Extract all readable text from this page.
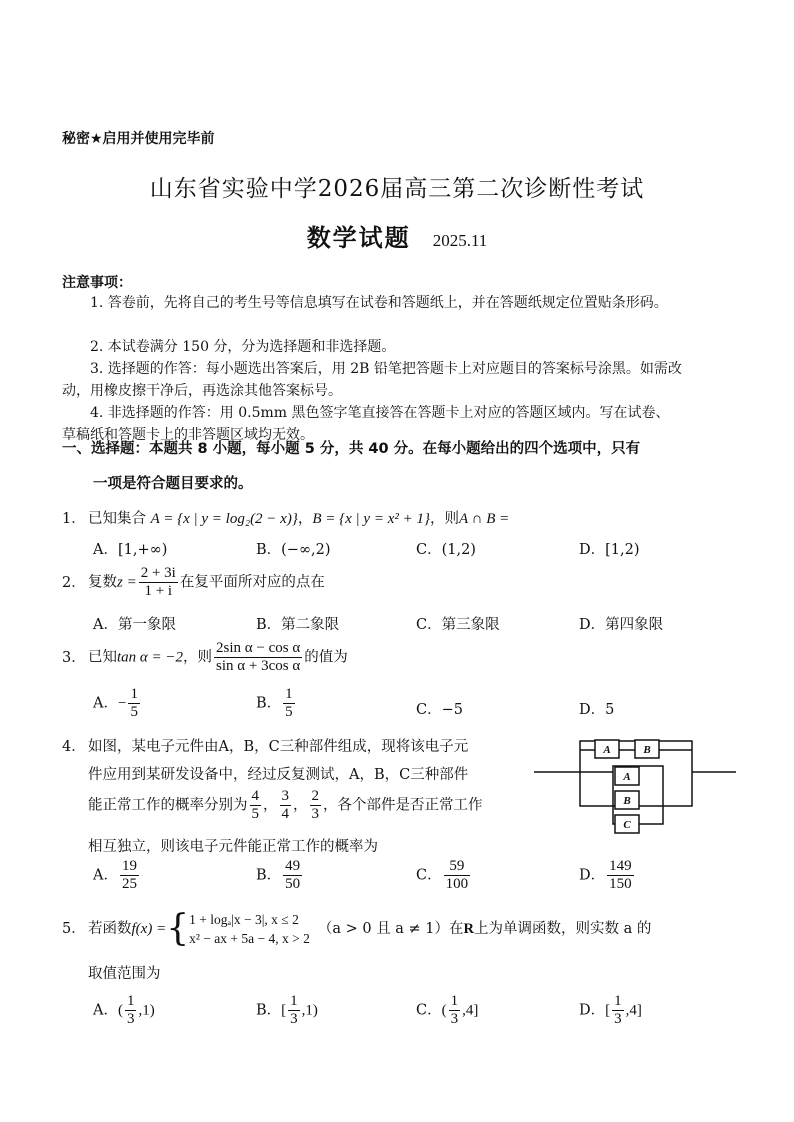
秘密★启用并使用完毕前
山东省实验中学2026届高三第二次诊断性考试
数学试题 2025.11
注意事项：
1. 答卷前，先将自己的考生号等信息填写在试卷和答题纸上，并在答题纸规定位置贴条形码。
2. 本试卷满分 150 分，分为选择题和非选择题。
3. 选择题的作答：每小题选出答案后，用 2B 铅笔把答题卡上对应题目的答案标号涂黑。如需改动，用橡皮擦干净后，再选涂其他答案标号。
4. 非选择题的作答：用 0.5mm 黑色签字笔直接答在答题卡上对应的答题区域内。写在试卷、草稿纸和答题卡上的非答题区域均无效。
一、选择题：本题共 8 小题，每小题 5 分，共 40 分。在每小题给出的四个选项中，只有
一项是符合题目要求的。
1． 已知集合 A = {x | y = log₂(2 − x)}，B = {x | y = x² + 1}，则A ∩ B =
A．[1,+∞)	B．(−∞,2)	C．(1,2)	D．[1,2)
2． 复数$z = \frac{2 + 3i}{1 + i}$ 在复平面所对应的点在
A．第一象限	B．第二象限	C．第三象限	D．第四象限
3． 已知tan α = −2，则 $\frac{\text{2sin α − cos α}}{\text{sin α + 3cos α}}$ 的值为
A．− $\frac{1}{5}$	B． $\frac{1}{5}$	C．−5	D．5
4． 如图，某电子元件由A，B，C三种部件组成，现将该电子元
件应用到某研发设备中，经过反复测试，A，B，C三种部件
能正常工作的概率分别为 $\frac{4}{5}$ ， $\frac{3}{4}$ ， $\frac{2}{3}$ ，各个部件是否正常工作
相互独立，则该电子元件能正常工作的概率为
A	B
A
B
C
A． $\frac{19}{25}$	B． $\frac{49}{50}$	C． $\frac{59}{100}$	D． $\frac{149}{150}$
5． 若函数f(x) ={ 1 + logₐ|x − 3|, x ≤ 2
x² − ax + 5a − 4, x > 2
（a > 0 且 a ≠ 1）在R上为单调函数，则实数 a 的
取值范围为
A．( $\frac{1}{3} ,1$)	B．[ $\frac{1}{3} ,1$)	C．( $\frac{1}{3} ,4$]	D．[ $\frac{1}{3} ,4$]
